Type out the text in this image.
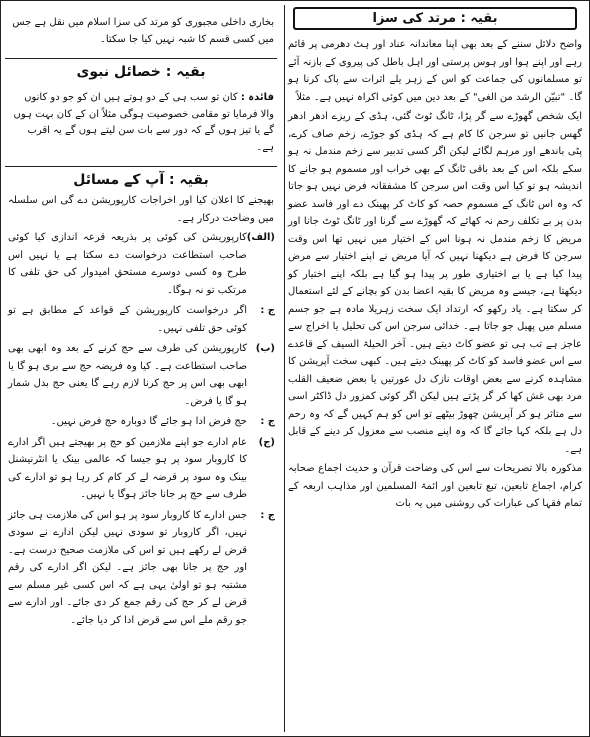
بقیہ : مرتد کی سزا

واضح دلائل سننے کے بعد بھی اپنا معاندانہ عناد اور ہٹ دھرمی پر قائم رہے اور اپنے ہوا اور ہوس پرستی اور اہل باطل کی پیروی کے بازنہ آئے تو مسلمانوں کی جماعت کو اس کے زہر یلے اثرات سے پاک کرنا ہو گا۔ "تبیّن الرشد من الغی" کے بعد دین میں کوئی اکراہ نہیں ہے۔ مثلاً

ایک شخص گھوڑے سے گر پڑا، ٹانگ ٹوٹ گئی، ہڈی کے ریزے ادھر ادھر گھس جانیں تو سرجن کا کام ہے کہ ہڈی کو جوڑے، زخم صاف کرے، پٹی باندھے اور مرہم لگائے لیکن اگر کسی تدبیر سے زخم مندمل نہ ہو سکے بلکہ اس کے بعد باقی ٹانگ کے بھی خراب اور مسموم ہو جانے کا اندیشہ ہو تو کیا اس وقت اس سرجن کا مشفقانہ فرض نہیں ہو جاتا کہ وہ اس ٹانگ کے مسموم حصہ کو کاٹ کر پھینک دے اور فاسد عضو بدن پر بے تکلف رحم نہ کھائے کہ گھوڑے سے گرنا اور ٹانگ ٹوٹ جانا اور مریض کا زخم مندمل نہ ہونا اس کے اختیار میں نہیں تھا اس وقت سرجن کا فرض ہے دیکھنا نہیں کہ آیا مریض نے اپنے اختیار سے مرض پیدا کیا ہے یا بے اختیاری طور پر پیدا ہو گیا ہے بلکہ اپنے اختیار کو دیکھتا ہے، جیسے وہ مریض کا بقیہ اعضا بدن کو بچانے کے لئے استعمال کر سکتا ہے۔ یاد رکھو کہ ارتداد ایک سخت زہریلا مادہ ہے جو جسم مسلم میں پھیل جو جاتا ہے۔ خدائی سرجن اس کی تحلیل یا اخراج سے عاجز ہے تب ہی تو عضو کاٹ دیتے ہیں۔ آخر الحیلۃ السیف کے قاعدے سے اس عضو فاسد کو کاٹ کر پھینک دیتے ہیں۔ کبھی سخت آپریشن کا مشاہدہ کرنے سے بعض اوقات نازک دل عورتیں یا بعض ضعیف القلب مرد بھی غش کھا کر گر پڑتے ہیں لیکن اگر کوئی کمزور دل ڈاکٹر اسی سے متاثر ہو کر آپریشن چھوڑ بیٹھے تو اس کو ہم کہیں گے کہ وہ رحم دل ہے بلکہ کہا جائے گا کہ وہ اپنے منصب سے معزول کر دینے کے قابل ہے۔

مذکورہ بالا تصریحات سے اس کی وضاحت قرآن و حدیث اجماع صحابہ کرام، اجماع تابعین، تبع تابعین اور ائمۃ المسلمین اور مذاہب اربعہ کے تمام فقہا کی عبارات کی روشنی میں یہ بات

بخاری داخلی مجبوری کو مرتد کی سزا اسلام میں نقل ہے جس میں کسی قسم کا شبہ نہیں کیا جا سکتا۔

بقیہ : خصائل نبوی

فائدہ : کان تو سب ہی کے دو ہوتے ہیں ان کو جو دو کانوں والا فرمایا تو مقامی خصوصیت ہوگی مثلاً ان کے کان بہت ہوں گے یا تیز ہوں گے کہ دور سے بات سن لیتے ہوں گے یہ اقرب ہے۔

بقیہ : آپ کے مسائل

بھیجنے کا اعلان کیا اور اخراجات کارپوریشن دے گی اس سلسلہ میں وضاحت درکار ہے۔

(الف)
کارپوریشن کی کوئی پر بذریعہ قرعہ اندازی کیا کوئی صاحب استطاعت درخواست دے سکتا ہے یا نہیں اس طرح وہ کسی دوسرے مستحق امیدوار کی حق تلفی کا مرتکب تو نہ ہوگا۔
ج :
اگر درخواست کارپوریشن کے قواعد کے مطابق ہے تو کوئی حق تلفی نہیں۔
(ب)
کارپوریشن کی طرف سے حج کرنے کے بعد وہ ابھی بھی صاحب استطاعت ہے۔ کیا وہ فریضہ حج سے بری ہو گا یا ابھی بھی اس پر حج کرنا لازم رہے گا یعنی حج بدل شمار ہو گا یا فرض۔
ج :
حج فرض ادا ہو جائے گا دوبارہ حج فرض نہیں۔
(ج)
عام ادارے جو اپنے ملازمین کو حج پر بھیجتے ہیں اگر ادارے کا کاروبار سود پر ہو جیسا کہ عالمی بینک یا انٹرنیشنل بینک وہ سود پر قرضہ لے کر کام کر رہا ہو تو ادارے کی طرف سے حج پر جانا جائز ہوگا یا نہیں۔
ج :
جس ادارے کا کاروبار سود پر ہو اس کی ملازمت ہی جائز نہیں، اگر کاروبار تو سودی نہیں لیکن ادارے نے سودی قرض لے رکھے ہیں تو اس کی ملازمت صحیح درست ہے۔ اور حج پر جانا بھی جائز ہے۔ لیکن اگر ادارے کی رقم مشتبہ ہو تو اولیٰ یہی ہے کہ اس کسی غیر مسلم سے قرض لے کر حج کی رقم جمع کر دی جائے۔ اور ادارے سے جو رقم ملے اس سے قرض ادا کر دیا جائے۔
